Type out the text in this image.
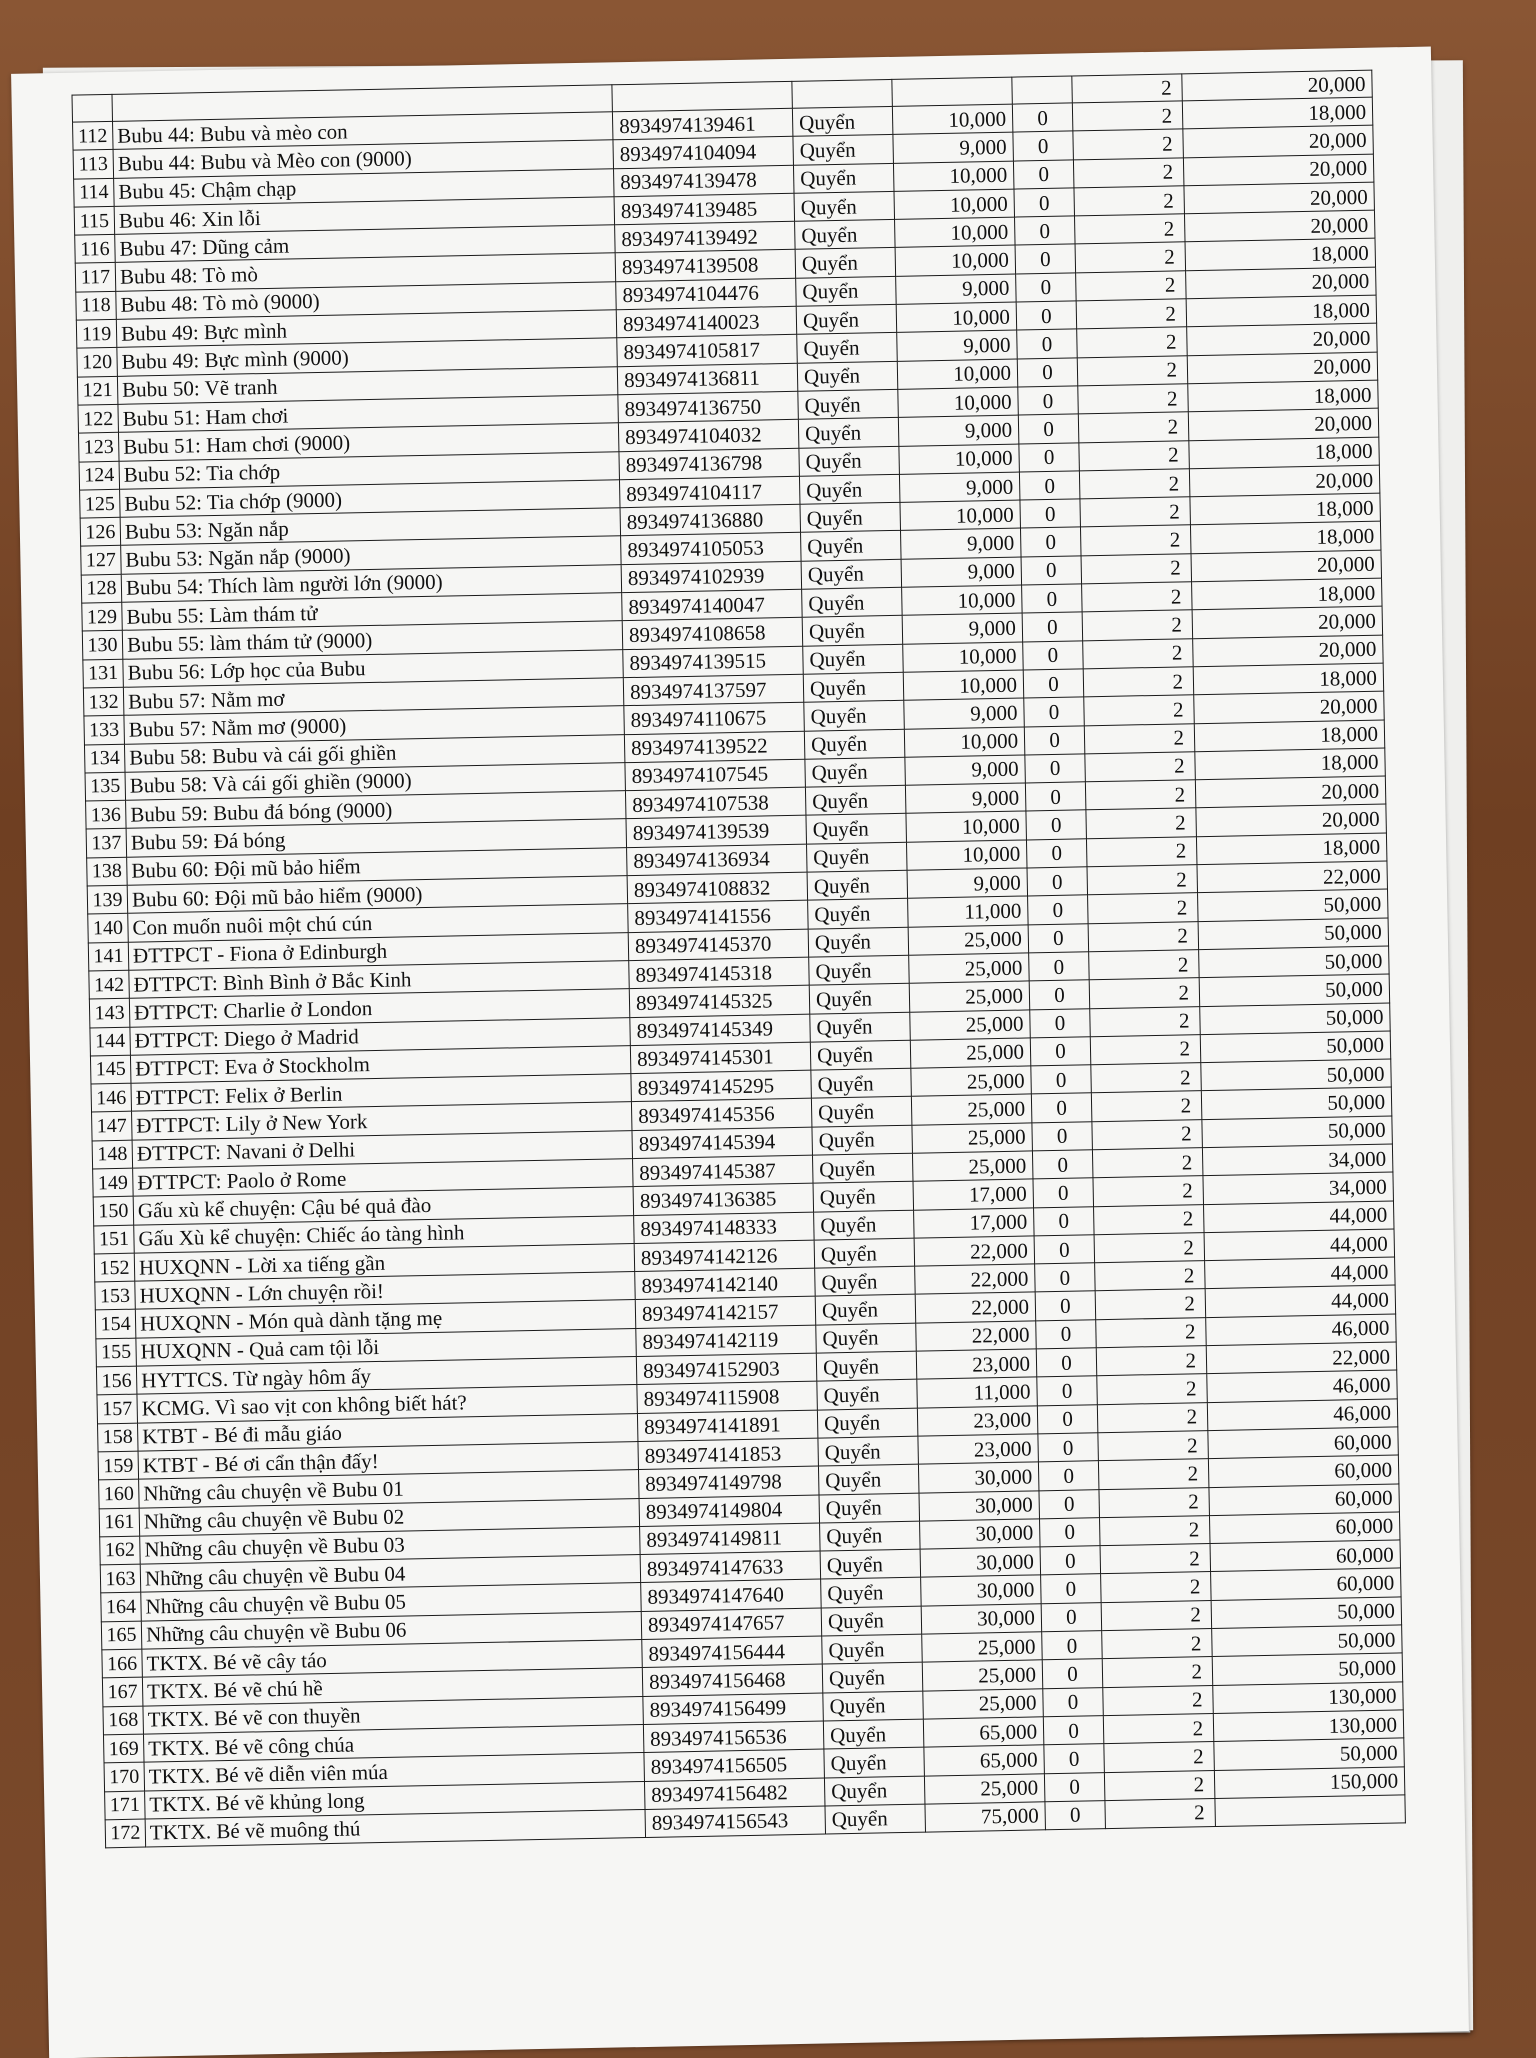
						2	20,000
112	Bubu 44: Bubu và mèo con	8934974139461	Quyển	10,000	0	2	18,000
113	Bubu 44: Bubu và Mèo con (9000)	8934974104094	Quyển	9,000	0	2	20,000
114	Bubu 45: Chậm chạp	8934974139478	Quyển	10,000	0	2	20,000
115	Bubu 46: Xin lỗi	8934974139485	Quyển	10,000	0	2	20,000
116	Bubu 47: Dũng cảm	8934974139492	Quyển	10,000	0	2	20,000
117	Bubu 48: Tò mò	8934974139508	Quyển	10,000	0	2	18,000
118	Bubu 48: Tò mò (9000)	8934974104476	Quyển	9,000	0	2	20,000
119	Bubu 49: Bực mình	8934974140023	Quyển	10,000	0	2	18,000
120	Bubu 49: Bực mình (9000)	8934974105817	Quyển	9,000	0	2	20,000
121	Bubu 50: Vẽ tranh	8934974136811	Quyển	10,000	0	2	20,000
122	Bubu 51: Ham chơi	8934974136750	Quyển	10,000	0	2	18,000
123	Bubu 51: Ham chơi (9000)	8934974104032	Quyển	9,000	0	2	20,000
124	Bubu 52: Tia chớp	8934974136798	Quyển	10,000	0	2	18,000
125	Bubu 52: Tia chớp (9000)	8934974104117	Quyển	9,000	0	2	20,000
126	Bubu 53: Ngăn nắp	8934974136880	Quyển	10,000	0	2	18,000
127	Bubu 53: Ngăn nắp (9000)	8934974105053	Quyển	9,000	0	2	18,000
128	Bubu 54: Thích làm người lớn (9000)	8934974102939	Quyển	9,000	0	2	20,000
129	Bubu 55: Làm thám tử	8934974140047	Quyển	10,000	0	2	18,000
130	Bubu 55: làm thám tử (9000)	8934974108658	Quyển	9,000	0	2	20,000
131	Bubu 56: Lớp học của Bubu	8934974139515	Quyển	10,000	0	2	20,000
132	Bubu 57: Nằm mơ	8934974137597	Quyển	10,000	0	2	18,000
133	Bubu 57: Nằm mơ (9000)	8934974110675	Quyển	9,000	0	2	20,000
134	Bubu 58: Bubu và cái gối ghiền	8934974139522	Quyển	10,000	0	2	18,000
135	Bubu 58: Và cái gối ghiền (9000)	8934974107545	Quyển	9,000	0	2	18,000
136	Bubu 59: Bubu đá bóng (9000)	8934974107538	Quyển	9,000	0	2	20,000
137	Bubu 59: Đá bóng	8934974139539	Quyển	10,000	0	2	20,000
138	Bubu 60: Đội mũ bảo hiểm	8934974136934	Quyển	10,000	0	2	18,000
139	Bubu 60: Đội mũ bảo hiểm (9000)	8934974108832	Quyển	9,000	0	2	22,000
140	Con muốn nuôi một chú cún	8934974141556	Quyển	11,000	0	2	50,000
141	ĐTTPCT - Fiona ở Edinburgh	8934974145370	Quyển	25,000	0	2	50,000
142	ĐTTPCT: Bình Bình ở Bắc Kinh	8934974145318	Quyển	25,000	0	2	50,000
143	ĐTTPCT: Charlie ở London	8934974145325	Quyển	25,000	0	2	50,000
144	ĐTTPCT: Diego ở Madrid	8934974145349	Quyển	25,000	0	2	50,000
145	ĐTTPCT: Eva ở Stockholm	8934974145301	Quyển	25,000	0	2	50,000
146	ĐTTPCT: Felix ở Berlin	8934974145295	Quyển	25,000	0	2	50,000
147	ĐTTPCT: Lily ở New York	8934974145356	Quyển	25,000	0	2	50,000
148	ĐTTPCT: Navani ở Delhi	8934974145394	Quyển	25,000	0	2	50,000
149	ĐTTPCT: Paolo ở Rome	8934974145387	Quyển	25,000	0	2	34,000
150	Gấu xù kể chuyện: Cậu bé quả đào	8934974136385	Quyển	17,000	0	2	34,000
151	Gấu Xù kể chuyện: Chiếc áo tàng hình	8934974148333	Quyển	17,000	0	2	44,000
152	HUXQNN - Lời xa tiếng gần	8934974142126	Quyển	22,000	0	2	44,000
153	HUXQNN - Lớn chuyện rồi!	8934974142140	Quyển	22,000	0	2	44,000
154	HUXQNN - Món quà dành tặng mẹ	8934974142157	Quyển	22,000	0	2	44,000
155	HUXQNN - Quả cam tội lỗi	8934974142119	Quyển	22,000	0	2	46,000
156	HYTTCS. Từ ngày hôm ấy	8934974152903	Quyển	23,000	0	2	22,000
157	KCMG. Vì sao vịt con không biết hát?	8934974115908	Quyển	11,000	0	2	46,000
158	KTBT - Bé đi mẫu giáo	8934974141891	Quyển	23,000	0	2	46,000
159	KTBT - Bé ơi cẩn thận đấy!	8934974141853	Quyển	23,000	0	2	60,000
160	Những câu chuyện về Bubu 01	8934974149798	Quyển	30,000	0	2	60,000
161	Những câu chuyện về Bubu 02	8934974149804	Quyển	30,000	0	2	60,000
162	Những câu chuyện về Bubu 03	8934974149811	Quyển	30,000	0	2	60,000
163	Những câu chuyện về Bubu 04	8934974147633	Quyển	30,000	0	2	60,000
164	Những câu chuyện về Bubu 05	8934974147640	Quyển	30,000	0	2	60,000
165	Những câu chuyện về Bubu 06	8934974147657	Quyển	30,000	0	2	50,000
166	TKTX. Bé vẽ cây táo	8934974156444	Quyển	25,000	0	2	50,000
167	TKTX. Bé vẽ chú hề	8934974156468	Quyển	25,000	0	2	50,000
168	TKTX. Bé vẽ con thuyền	8934974156499	Quyển	25,000	0	2	130,000
169	TKTX. Bé vẽ công chúa	8934974156536	Quyển	65,000	0	2	130,000
170	TKTX. Bé vẽ diễn viên múa	8934974156505	Quyển	65,000	0	2	50,000
171	TKTX. Bé vẽ khủng long	8934974156482	Quyển	25,000	0	2	150,000
172	TKTX. Bé vẽ muông thú	8934974156543	Quyển	75,000	0	2	
